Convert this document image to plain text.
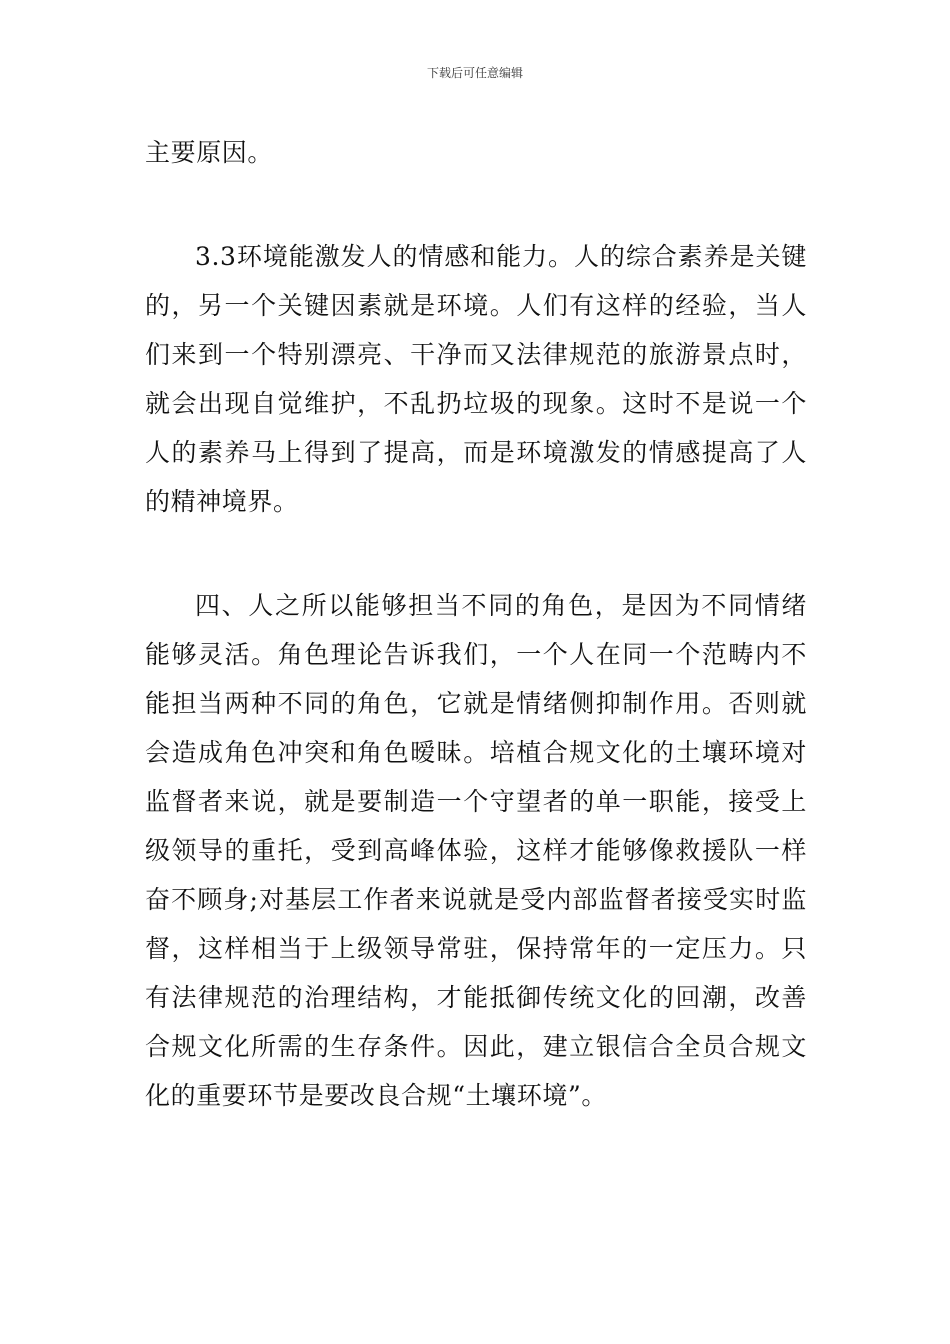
下载后可任意编辑

主要原因。

3.3环境能激发人的情感和能力。人的综合素养是关键的，另一个关键因素就是环境。人们有这样的经验，当人们来到一个特别漂亮、干净而又法律规范的旅游景点时，就会出现自觉维护，不乱扔垃圾的现象。这时不是说一个人的素养马上得到了提高，而是环境激发的情感提高了人的精神境界。

四、人之所以能够担当不同的角色，是因为不同情绪能够灵活。角色理论告诉我们，一个人在同一个范畴内不能担当两种不同的角色，它就是情绪侧抑制作用。否则就会造成角色冲突和角色暧昧。培植合规文化的土壤环境对监督者来说，就是要制造一个守望者的单一职能，接受上级领导的重托，受到高峰体验，这样才能够像救援队一样奋不顾身;对基层工作者来说就是受内部监督者接受实时监督，这样相当于上级领导常驻，保持常年的一定压力。只有法律规范的治理结构，才能抵御传统文化的回潮，改善合规文化所需的生存条件。因此，建立银信合全员合规文化的重要环节是要改良合规“土壤环境”。
